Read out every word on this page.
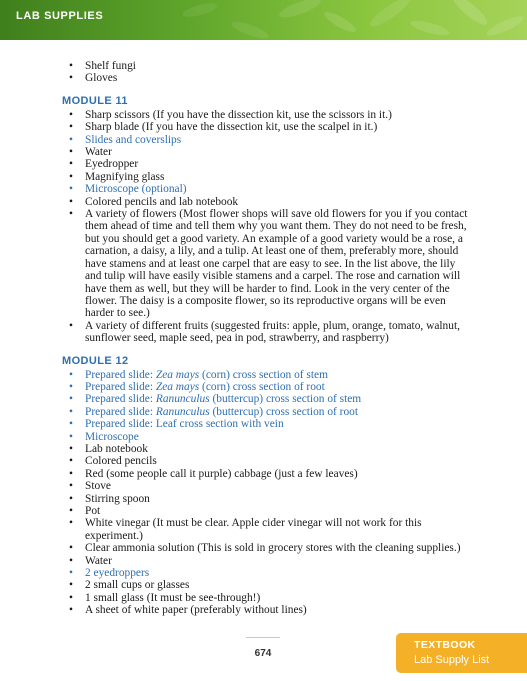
LAB SUPPLIES
• Shelf fungi
• Gloves
MODULE 11
• Sharp scissors (If you have the dissection kit, use the scissors in it.)
• Sharp blade (If you have the dissection kit, use the scalpel in it.)
• Slides and coverslips
• Water
• Eyedropper
• Magnifying glass
• Microscope (optional)
• Colored pencils and lab notebook
• A variety of flowers (Most flower shops will save old flowers for you if you contact them ahead of time and tell them why you want them. They do not need to be fresh, but you should get a good variety. An example of a good variety would be a rose, a carnation, a daisy, a lily, and a tulip. At least one of them, preferably more, should have stamens and at least one carpel that are easy to see. In the list above, the lily and tulip will have easily visible stamens and a carpel. The rose and carnation will have them as well, but they will be harder to find. Look in the very center of the flower. The daisy is a composite flower, so its reproductive organs will be even harder to see.)
• A variety of different fruits (suggested fruits: apple, plum, orange, tomato, walnut, sunflower seed, maple seed, pea in pod, strawberry, and raspberry)
MODULE 12
• Prepared slide: Zea mays (corn) cross section of stem
• Prepared slide: Zea mays (corn) cross section of root
• Prepared slide: Ranunculus (buttercup) cross section of stem
• Prepared slide: Ranunculus (buttercup) cross section of root
• Prepared slide: Leaf cross section with vein
• Microscope
• Lab notebook
• Colored pencils
• Red (some people call it purple) cabbage (just a few leaves)
• Stove
• Stirring spoon
• Pot
• White vinegar (It must be clear. Apple cider vinegar will not work for this experiment.)
• Clear ammonia solution (This is sold in grocery stores with the cleaning supplies.)
• Water
• 2 eyedroppers
• 2 small cups or glasses
• 1 small glass (It must be see-through!)
• A sheet of white paper (preferably without lines)
674
TEXTBOOK
Lab Supply List
